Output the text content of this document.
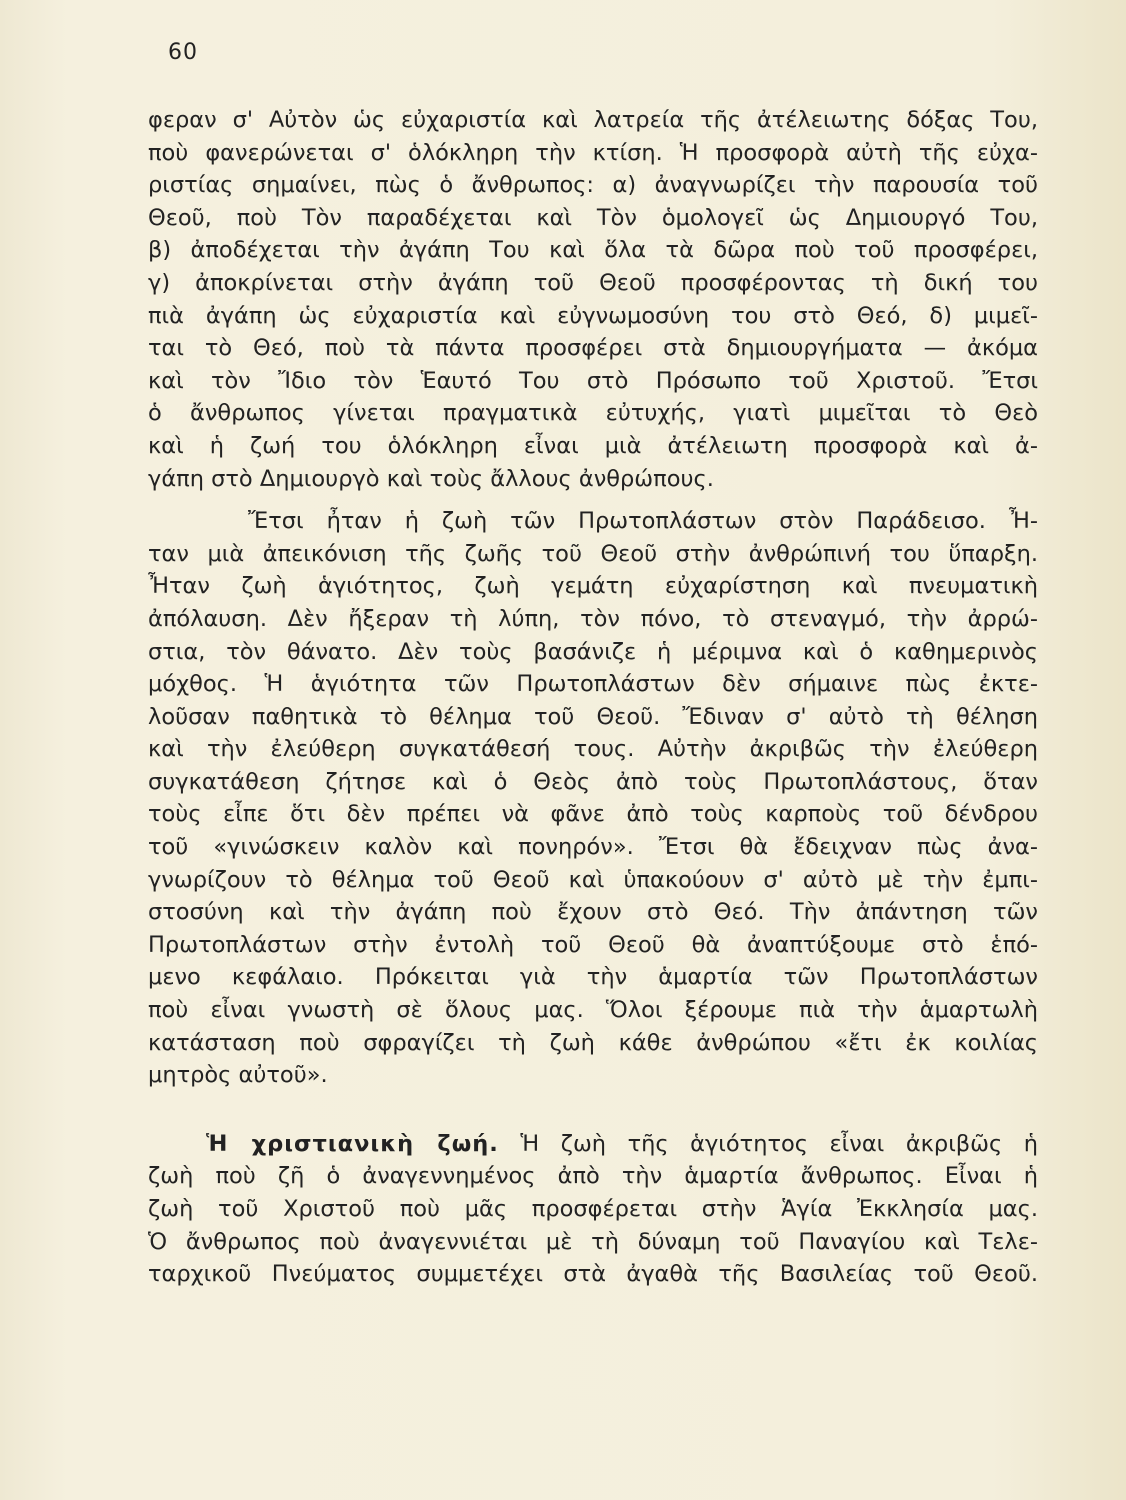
60
φεραν σ' Αὐτὸν ὡς εὐχαριστία καὶ λατρεία τῆς ἀτέλειωτης δόξας Του,
ποὺ φανερώνεται σ' ὁλόκληρη τὴν κτίση. Ἡ προσφορὰ αὐτὴ τῆς εὐχα-
ριστίας σημαίνει, πὼς ὁ ἄνθρωπος: α) ἀναγνωρίζει τὴν παρουσία τοῦ
Θεοῦ, ποὺ Τὸν παραδέχεται καὶ Τὸν ὁμολογεῖ ὡς Δημιουργό Του,
β) ἀποδέχεται τὴν ἀγάπη Του καὶ ὅλα τὰ δῶρα ποὺ τοῦ προσφέρει,
γ) ἀποκρίνεται στὴν ἀγάπη τοῦ Θεοῦ προσφέροντας τὴ δική του
πιὰ ἀγάπη ὡς εὐχαριστία καὶ εὐγνωμοσύνη του στὸ Θεό, δ) μιμεῖ-
ται τὸ Θεό, ποὺ τὰ πάντα προσφέρει στὰ δημιουργήματα — ἀκόμα
καὶ τὸν Ἴδιο τὸν Ἑαυτό Του στὸ Πρόσωπο τοῦ Χριστοῦ. Ἔτσι
ὁ ἄνθρωπος γίνεται πραγματικὰ εὐτυχής, γιατὶ μιμεῖται τὸ Θεὸ
καὶ ἡ ζωή του ὁλόκληρη εἶναι μιὰ ἀτέλειωτη προσφορὰ καὶ ἀ-
γάπη στὸ Δημιουργὸ καὶ τοὺς ἄλλους ἀνθρώπους.
Ἔτσι ἦταν ἡ ζωὴ τῶν Πρωτοπλάστων στὸν Παράδεισο. Ἦ-
ταν μιὰ ἀπεικόνιση τῆς ζωῆς τοῦ Θεοῦ στὴν ἀνθρώπινή του ὕπαρξη.
Ἦταν ζωὴ ἁγιότητος, ζωὴ γεμάτη εὐχαρίστηση καὶ πνευματικὴ
ἀπόλαυση. Δὲν ἤξεραν τὴ λύπη, τὸν πόνο, τὸ στεναγμό, τὴν ἀρρώ-
στια, τὸν θάνατο. Δὲν τοὺς βασάνιζε ἡ μέριμνα καὶ ὁ καθημερινὸς
μόχθος. Ἡ ἁγιότητα τῶν Πρωτοπλάστων δὲν σήμαινε πὼς ἐκτε-
λοῦσαν παθητικὰ τὸ θέλημα τοῦ Θεοῦ. Ἔδιναν σ' αὐτὸ τὴ θέληση
καὶ τὴν ἐλεύθερη συγκατάθεσή τους. Αὐτὴν ἀκριβῶς τὴν ἐλεύθερη
συγκατάθεση ζήτησε καὶ ὁ Θεὸς ἀπὸ τοὺς Πρωτοπλάστους, ὅταν
τοὺς εἶπε ὅτι δὲν πρέπει νὰ φᾶνε ἀπὸ τοὺς καρποὺς τοῦ δένδρου
τοῦ «γινώσκειν καλὸν καὶ πονηρόν». Ἔτσι θὰ ἔδειχναν πὼς ἀνα-
γνωρίζουν τὸ θέλημα τοῦ Θεοῦ καὶ ὑπακούουν σ' αὐτὸ μὲ τὴν ἐμπι-
στοσύνη καὶ τὴν ἀγάπη ποὺ ἔχουν στὸ Θεό. Τὴν ἀπάντηση τῶν
Πρωτοπλάστων στὴν ἐντολὴ τοῦ Θεοῦ θὰ ἀναπτύξουμε στὸ ἑπό-
μενο κεφάλαιο. Πρόκειται γιὰ τὴν ἁμαρτία τῶν Πρωτοπλάστων
ποὺ εἶναι γνωστὴ σὲ ὅλους μας. Ὅλοι ξέρουμε πιὰ τὴν ἁμαρτωλὴ
κατάσταση ποὺ σφραγίζει τὴ ζωὴ κάθε ἀνθρώπου «ἔτι ἐκ κοιλίας
μητρὸς αὐτοῦ».
Ἡ χριστιανικὴ ζωή. Ἡ ζωὴ τῆς ἁγιότητος εἶναι ἀκριβῶς ἡ
ζωὴ ποὺ ζῆ ὁ ἀναγεννημένος ἀπὸ τὴν ἁμαρτία ἄνθρωπος. Εἶναι ἡ
ζωὴ τοῦ Χριστοῦ ποὺ μᾶς προσφέρεται στὴν Ἁγία Ἐκκλησία μας.
Ὁ ἄνθρωπος ποὺ ἀναγεννιέται μὲ τὴ δύναμη τοῦ Παναγίου καὶ Τελε-
ταρχικοῦ Πνεύματος συμμετέχει στὰ ἀγαθὰ τῆς Βασιλείας τοῦ Θεοῦ.
